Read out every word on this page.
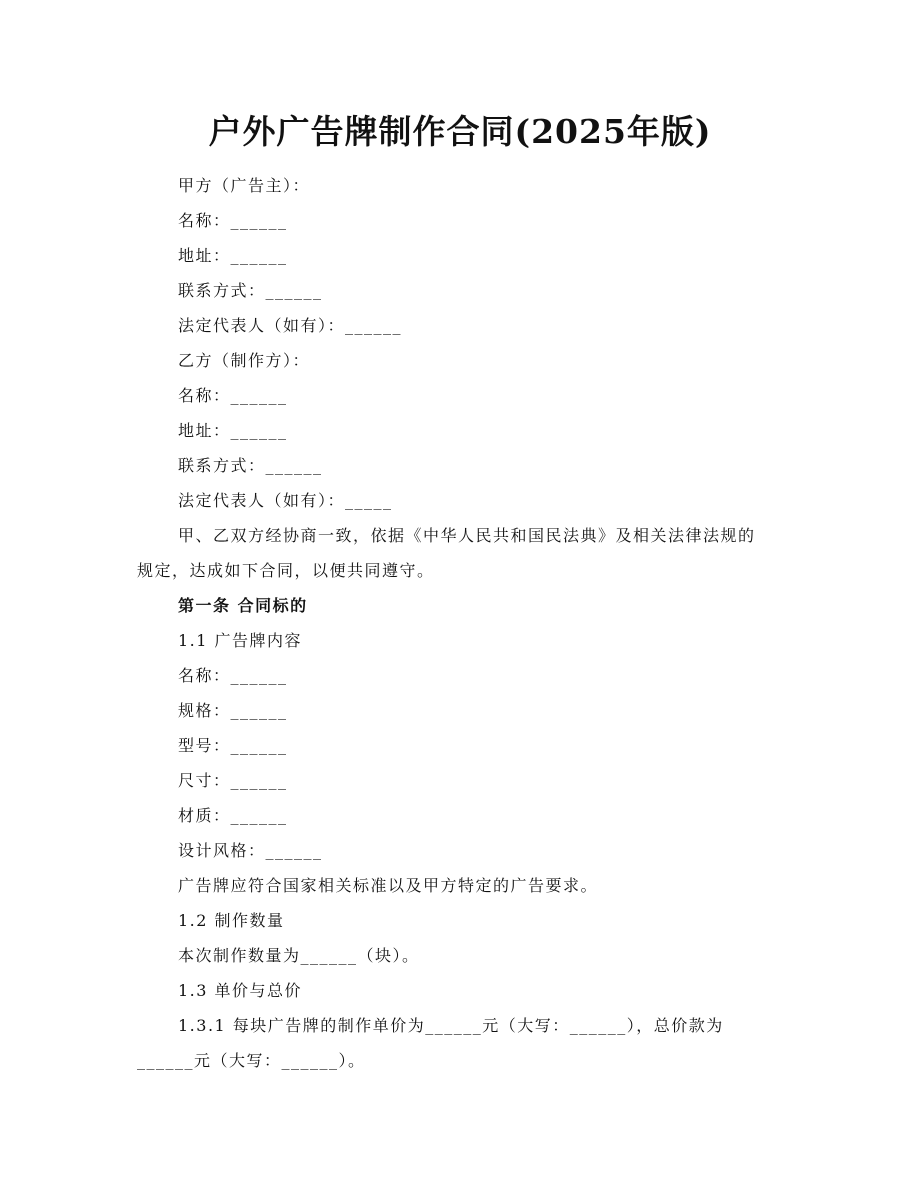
户外广告牌制作合同(2025年版)
甲方（广告主）：
名称：______
地址：______
联系方式：______
法定代表人（如有）：______
乙方（制作方）：
名称：______
地址：______
联系方式：______
法定代表人（如有）：_____
甲、乙双方经协商一致，依据《中华人民共和国民法典》及相关法律法规的
规定，达成如下合同，以便共同遵守。
第一条 合同标的
1.1 广告牌内容
名称：______
规格：______
型号：______
尺寸：______
材质：______
设计风格：______
广告牌应符合国家相关标准以及甲方特定的广告要求。
1.2 制作数量
本次制作数量为______（块）。
1.3 单价与总价
1.3.1 每块广告牌的制作单价为______元（大写：______），总价款为
______元（大写：______）。
